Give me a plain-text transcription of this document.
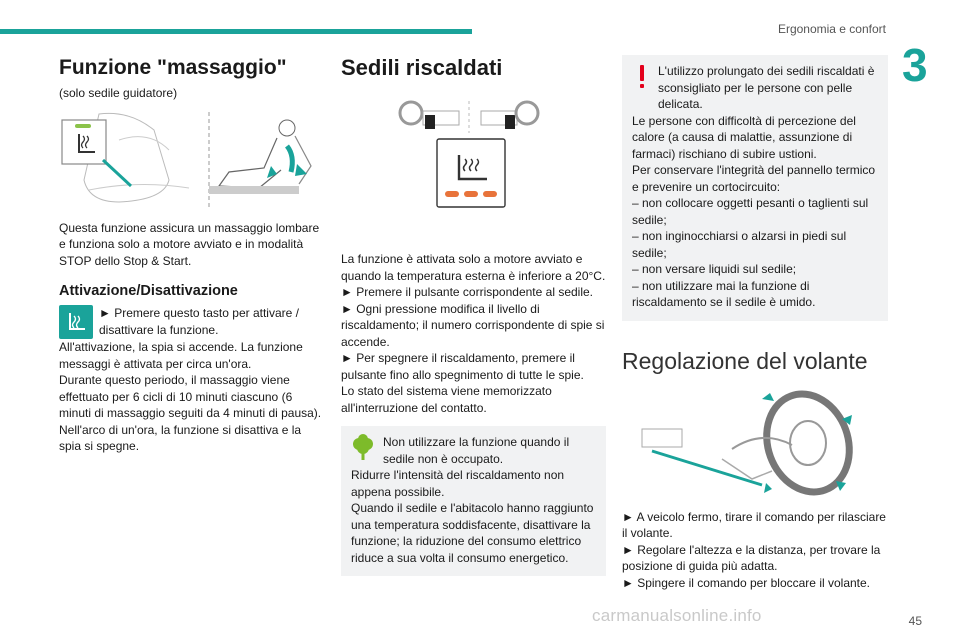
Ergonomia e confort
3
Funzione "massaggio"

(solo sedile guidatore)

Questa funzione assicura un massaggio lombare e funziona solo a motore avviato e in modalità STOP dello Stop & Start.

Attivazione/Disattivazione

► Premere questo tasto per attivare / disattivare la funzione.

All'attivazione, la spia si accende. La funzione messaggi è attivata per circa un'ora.

Durante questo periodo, il massaggio viene effettuato per 6 cicli di 10 minuti ciascuno (6 minuti di massaggio seguiti da 4 minuti di pausa).

Nell'arco di un'ora, la funzione si disattiva e la spia si spegne.

Sedili riscaldati

La funzione è attivata solo a motore avviato e quando la temperatura esterna è inferiore a 20°C.

► Premere il pulsante corrispondente al sedile.

► Ogni pressione modifica il livello di riscaldamento; il numero corrispondente di spie si accende.

► Per spegnere il riscaldamento, premere il pulsante fino allo spegnimento di tutte le spie.

Lo stato del sistema viene memorizzato all'interruzione del contatto.

Non utilizzare la funzione quando il sedile non è occupato.

Ridurre l'intensità del riscaldamento non appena possibile.

Quando il sedile e l'abitacolo hanno raggiunto una temperatura soddisfacente, disattivare la funzione; la riduzione del consumo elettrico riduce a sua volta il consumo energetico.

L'utilizzo prolungato dei sedili riscaldati è sconsigliato per le persone con pelle delicata.

Le persone con difficoltà di percezione del calore (a causa di malattie, assunzione di farmaci) rischiano di subire ustioni.

Per conservare l'integrità del pannello termico e prevenire un cortocircuito:

– non collocare oggetti pesanti o taglienti sul sedile;

– non inginocchiarsi o alzarsi in piedi sul sedile;

– non versare liquidi sul sedile;

– non utilizzare mai la funzione di riscaldamento se il sedile è umido.

Regolazione del volante

► A veicolo fermo, tirare il comando per rilasciare il volante.

► Regolare l'altezza e la distanza, per trovare la posizione di guida più adatta.

► Spingere il comando per bloccare il volante.

carmanualsonline.info	45
